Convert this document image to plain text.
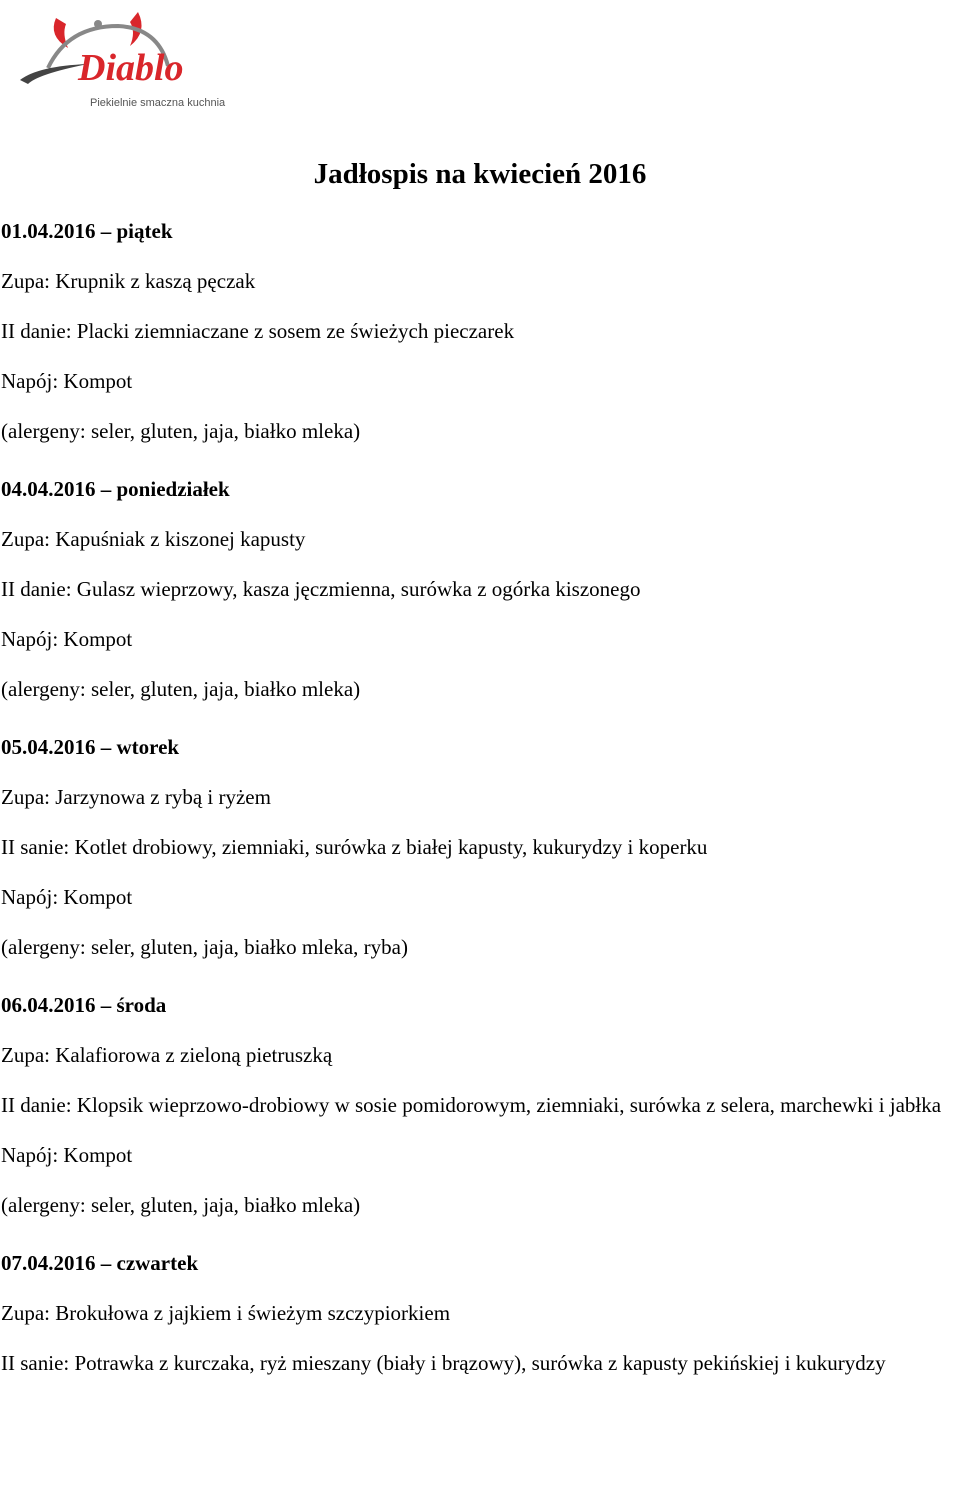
Diablo
Piekielnie smaczna kuchnia
Jadłospis na kwiecień 2016
01.04.2016 – piątek
Zupa: Krupnik z kaszą pęczak
II danie: Placki ziemniaczane z sosem ze świeżych pieczarek
Napój: Kompot
(alergeny: seler, gluten, jaja, białko mleka)
04.04.2016 – poniedziałek
Zupa: Kapuśniak z kiszonej kapusty
II danie: Gulasz wieprzowy, kasza jęczmienna, surówka z ogórka kiszonego
Napój: Kompot
(alergeny: seler, gluten, jaja, białko mleka)
05.04.2016 – wtorek
Zupa: Jarzynowa z rybą i ryżem
II sanie: Kotlet drobiowy, ziemniaki, surówka z białej kapusty, kukurydzy i koperku
Napój: Kompot
(alergeny: seler, gluten, jaja, białko mleka, ryba)
06.04.2016 – środa
Zupa: Kalafiorowa z zieloną pietruszką
II danie: Klopsik wieprzowo-drobiowy w sosie pomidorowym, ziemniaki, surówka z selera, marchewki i jabłka
Napój: Kompot
(alergeny: seler, gluten, jaja, białko mleka)
07.04.2016 – czwartek
Zupa: Brokułowa z jajkiem i świeżym szczypiorkiem
II sanie: Potrawka z kurczaka, ryż mieszany (biały i brązowy), surówka z kapusty pekińskiej i kukurydzy
